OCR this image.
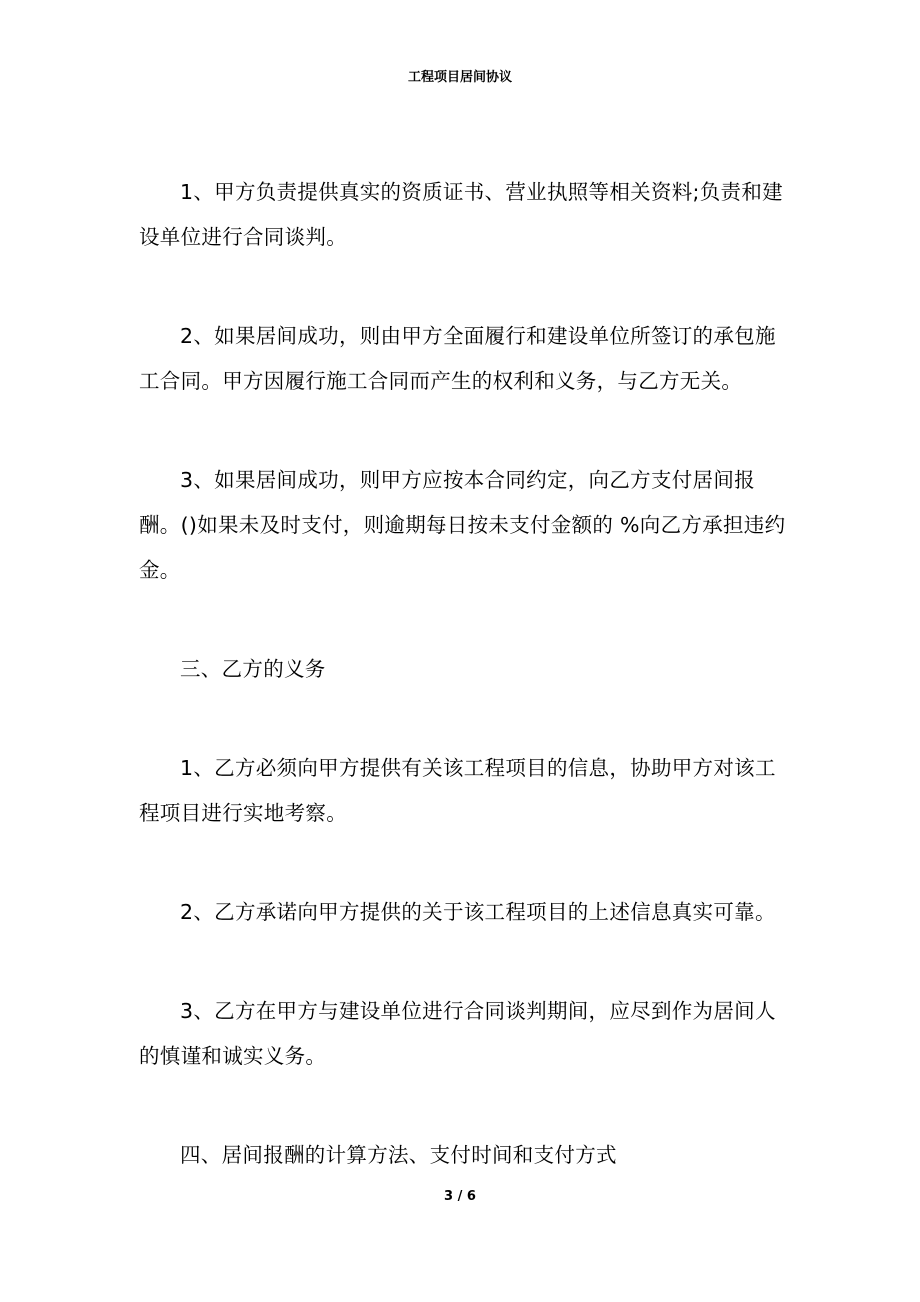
工程项目居间协议

1、甲方负责提供真实的资质证书、营业执照等相关资料;负责和建设单位进行合同谈判。

2、如果居间成功，则由甲方全面履行和建设单位所签订的承包施工合同。甲方因履行施工合同而产生的权利和义务，与乙方无关。

3、如果居间成功，则甲方应按本合同约定，向乙方支付居间报酬。()如果未及时支付，则逾期每日按未支付金额的 %向乙方承担违约金。

三、乙方的义务

1、乙方必须向甲方提供有关该工程项目的信息，协助甲方对该工程项目进行实地考察。

2、乙方承诺向甲方提供的关于该工程项目的上述信息真实可靠。

3、乙方在甲方与建设单位进行合同谈判期间，应尽到作为居间人的慎谨和诚实义务。

四、居间报酬的计算方法、支付时间和支付方式

3 / 6
